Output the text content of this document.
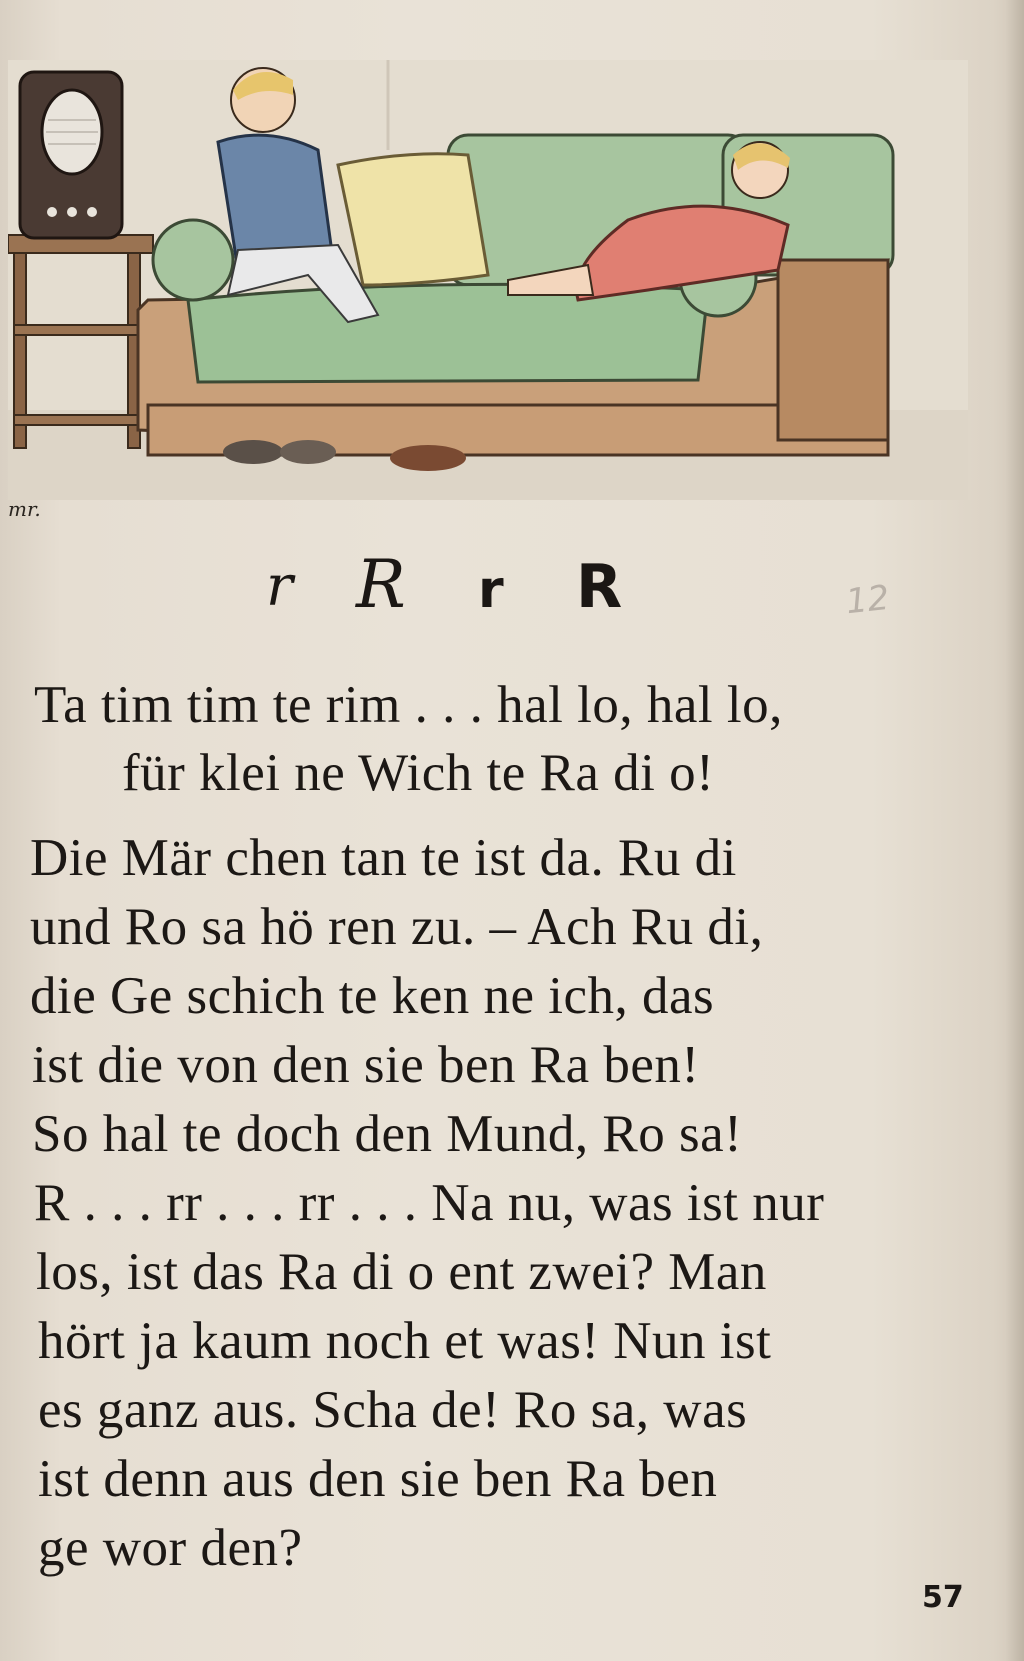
mr.
r R r R	12
Ta tim tim te rim . . . hal lo, hal lo,
für klei ne Wich te Ra di o!
Die Mär chen tan te ist da. Ru di
und Ro sa hö ren zu. – Ach Ru di,
die Ge schich te ken ne ich, das
ist die von den sie ben Ra ben!
So hal te doch den Mund, Ro sa!
R . . . rr . . . rr . . . Na nu, was ist nur
los, ist das Ra di o ent zwei? Man
hört ja kaum noch et was! Nun ist
es ganz aus. Scha de! Ro sa, was
ist denn aus den sie ben Ra ben
ge wor den?
57
